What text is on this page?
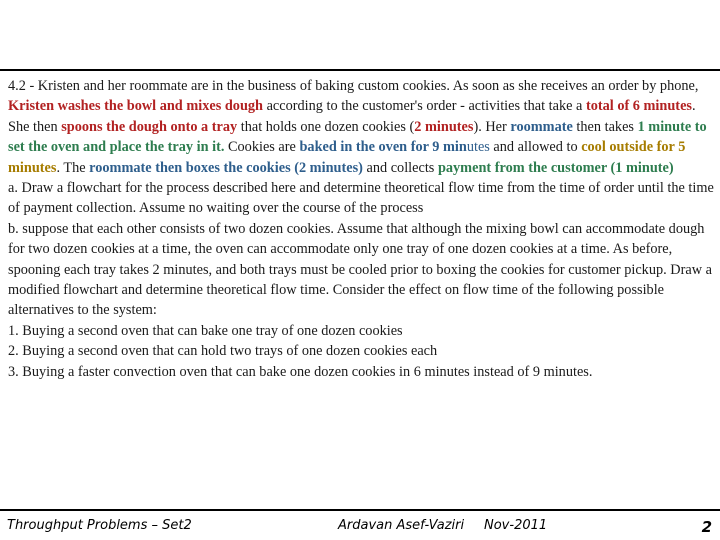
4.2 - Kristen and her roommate are in the business of baking custom cookies. As soon as she receives an order by phone, Kristen washes the bowl and mixes dough according to the customer's order - activities that take a total of 6 minutes. She then spoons the dough onto a tray that holds one dozen cookies (2 minutes). Her roommate then takes 1 minute to set the oven and place the tray in it. Cookies are baked in the oven for 9 minutes and allowed to cool outside for 5 minutes. The roommate then boxes the cookies (2 minutes) and collects payment from the customer (1 minute)
a. Draw a flowchart for the process described here and determine theoretical flow time from the time of order until the time of payment collection. Assume no waiting over the course of the process
b. suppose that each other consists of two dozen cookies. Assume that although the mixing bowl can accommodate dough for two dozen cookies at a time, the oven can accommodate only one tray of one dozen cookies at a time. As before, spooning each tray takes 2 minutes, and both trays must be cooled prior to boxing the cookies for customer pickup. Draw a modified flowchart and determine theoretical flow time. Consider the effect on flow time of the following possible alternatives to the system:
1. Buying a second oven that can bake one tray of one dozen cookies
2. Buying a second oven that can hold two trays of one dozen cookies each
3. Buying a faster convection oven that can bake one dozen cookies in 6 minutes instead of 9 minutes.
Throughput Problems – Set2	Ardavan Asef-Vaziri Nov-2011	2
